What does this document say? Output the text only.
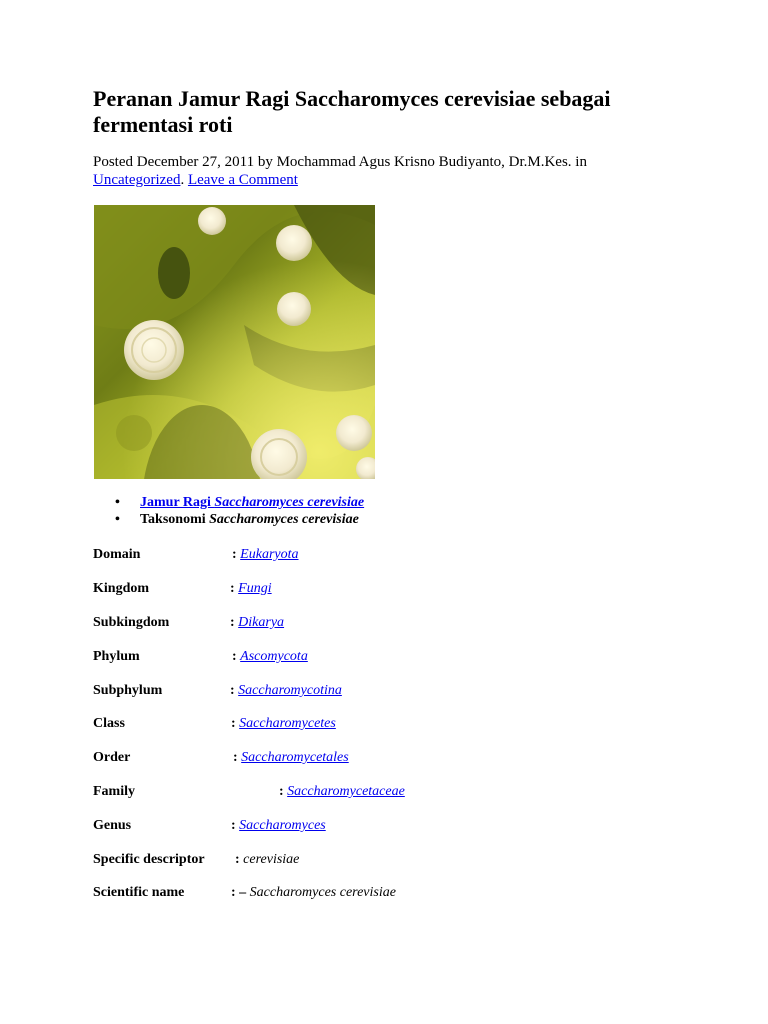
Peranan Jamur Ragi Saccharomyces cerevisiae sebagai fermentasi roti
Posted December 27, 2011 by Mochammad Agus Krisno Budiyanto, Dr.M.Kes. in
Uncategorized. Leave a Comment
• Jamur Ragi Saccharomyces cerevisiae
• Taksonomi Saccharomyces cerevisiae
Domain	: Eukaryota
Kingdom	: Fungi
Subkingdom	: Dikarya
Phylum	: Ascomycota
Subphylum	: Saccharomycotina
Class	: Saccharomycetes
Order	: Saccharomycetales
Family	: Saccharomycetaceae
Genus	: Saccharomyces
Specific descriptor : cerevisiae
Scientific name	: – Saccharomyces cerevisiae
